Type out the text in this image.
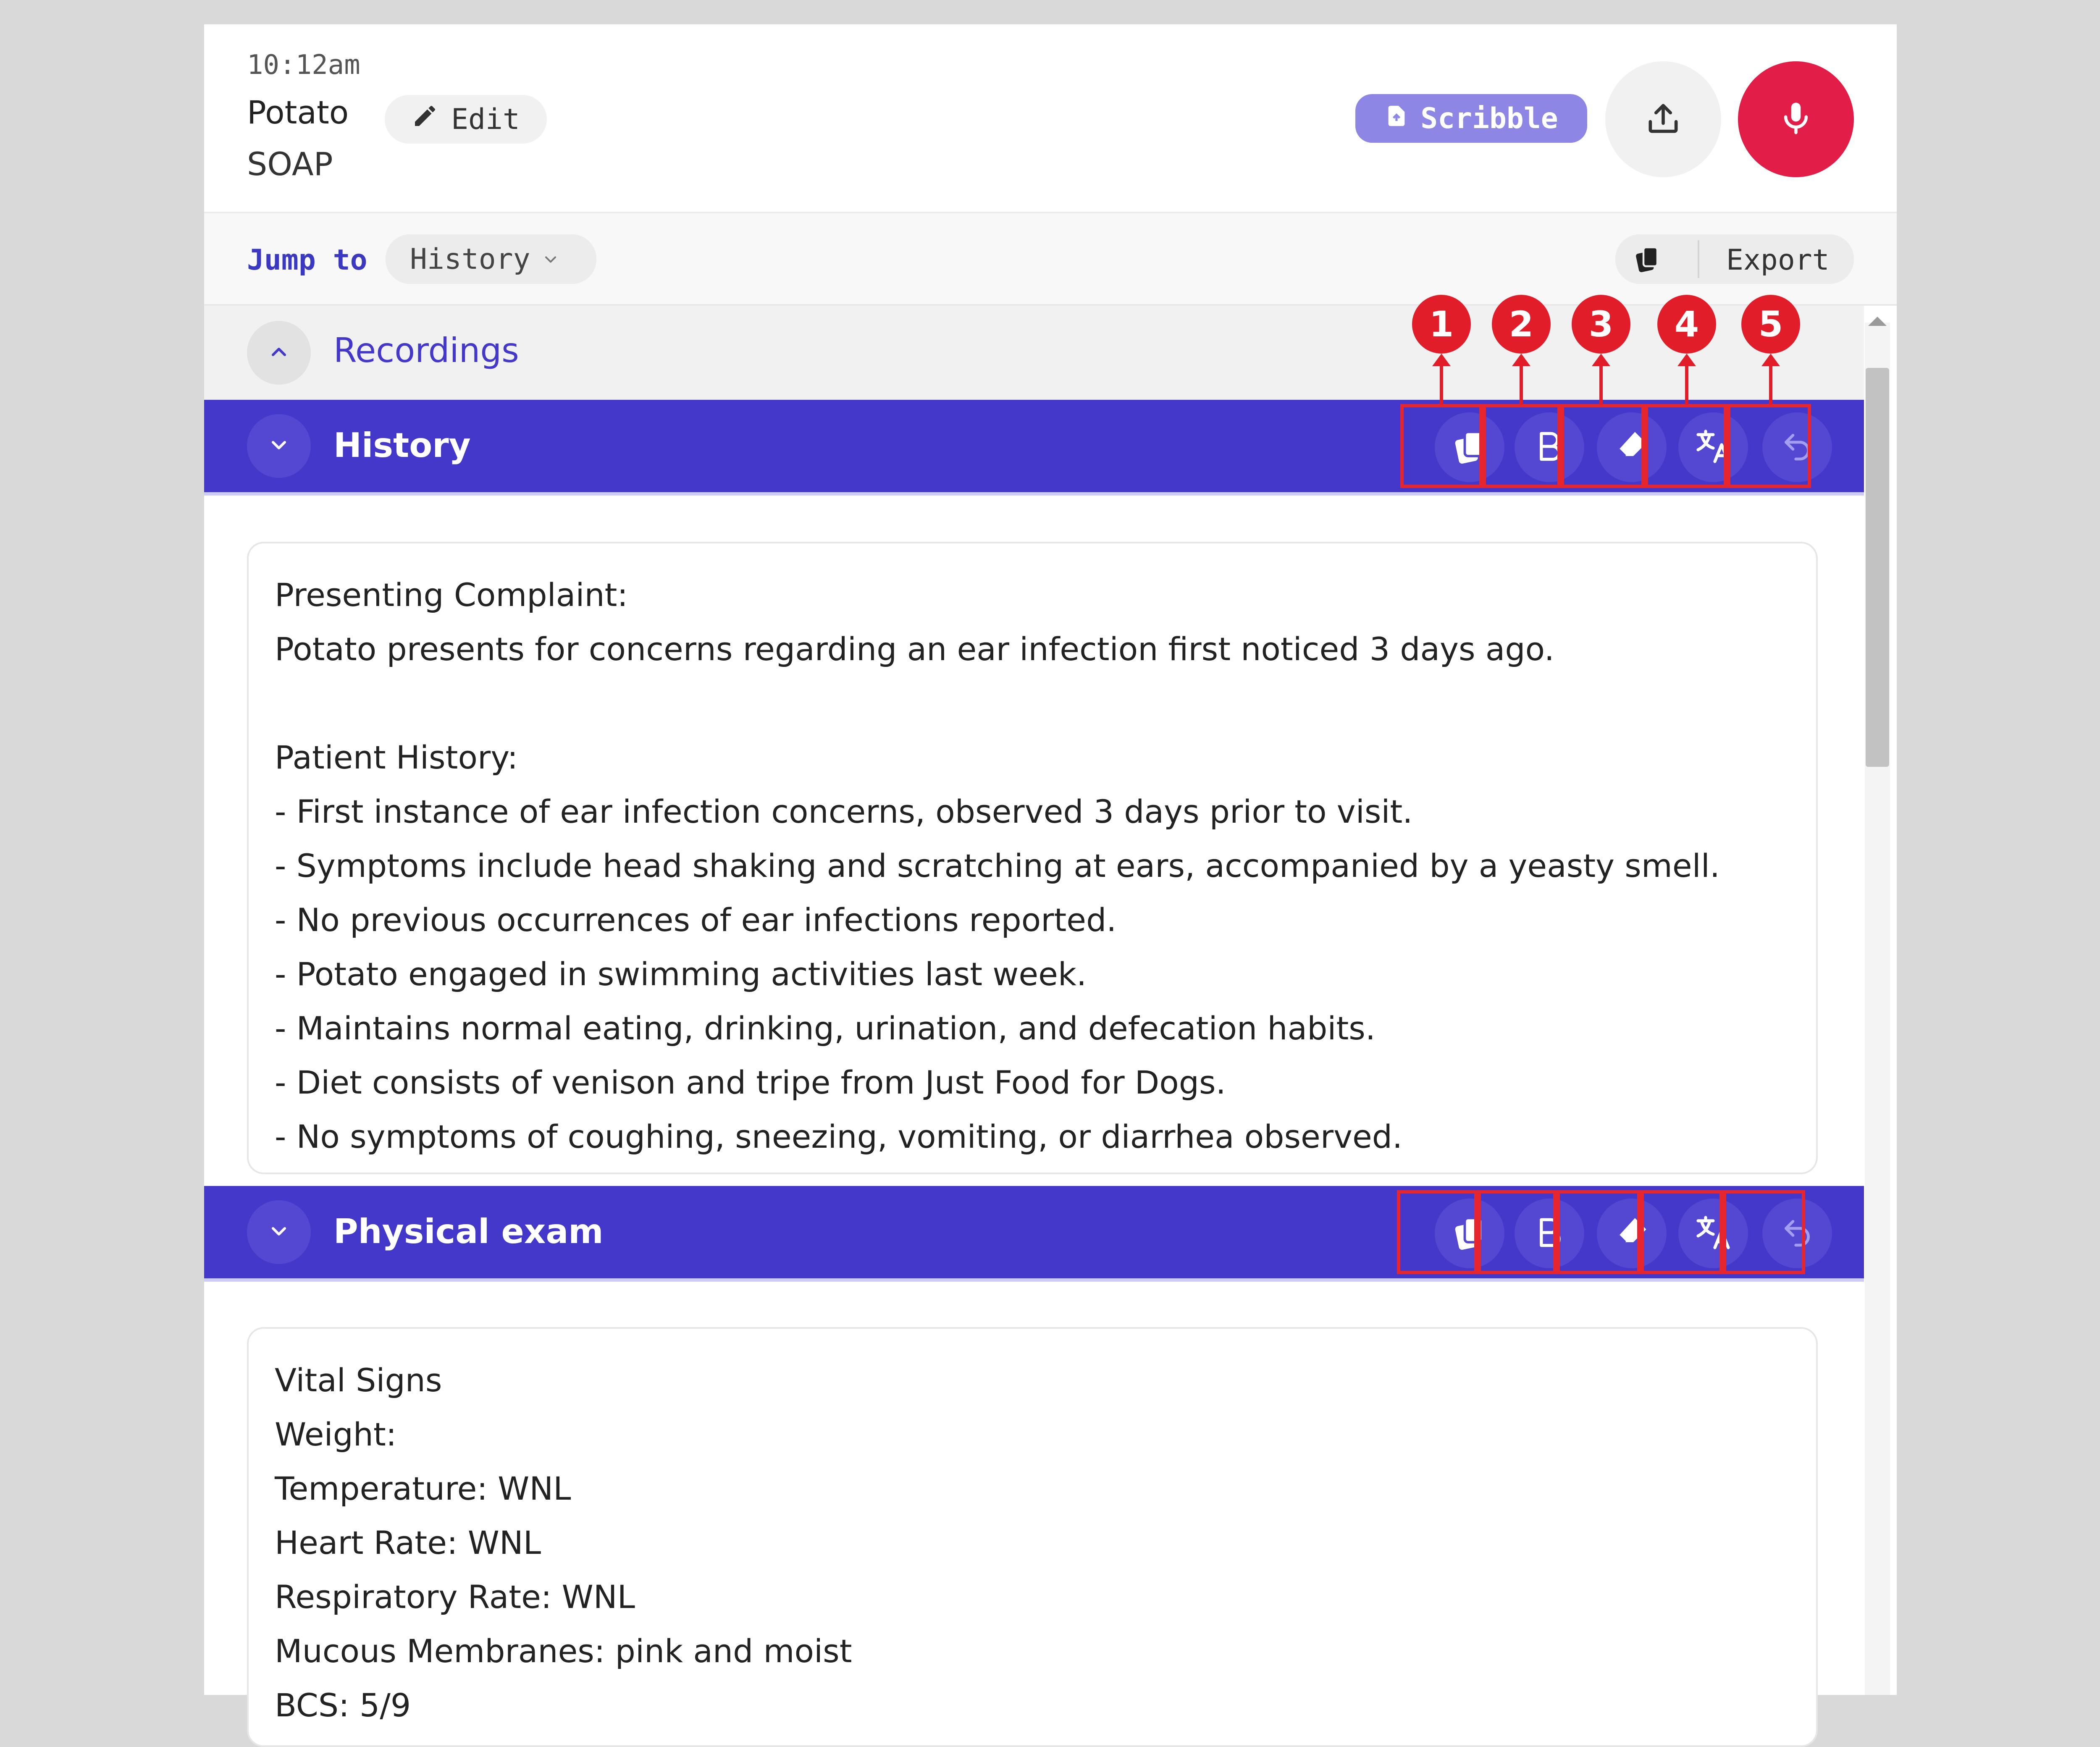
10:12am
Potato
SOAP
Edit	Scribble
Jump to History	Export
Recordings
History
Presenting Complaint:
Potato presents for concerns regarding an ear infection first noticed 3 days ago.
Patient History:
- First instance of ear infection concerns, observed 3 days prior to visit.
- Symptoms include head shaking and scratching at ears, accompanied by a yeasty smell.
- No previous occurrences of ear infections reported.
- Potato engaged in swimming activities last week.
- Maintains normal eating, drinking, urination, and defecation habits.
- Diet consists of venison and tripe from Just Food for Dogs.
- No symptoms of coughing, sneezing, vomiting, or diarrhea observed.
Physical exam
Vital Signs
Weight:
Temperature: WNL
Heart Rate: WNL
Respiratory Rate: WNL
Mucous Membranes: pink and moist
BCS: 5/9
1	2	3	4	5
